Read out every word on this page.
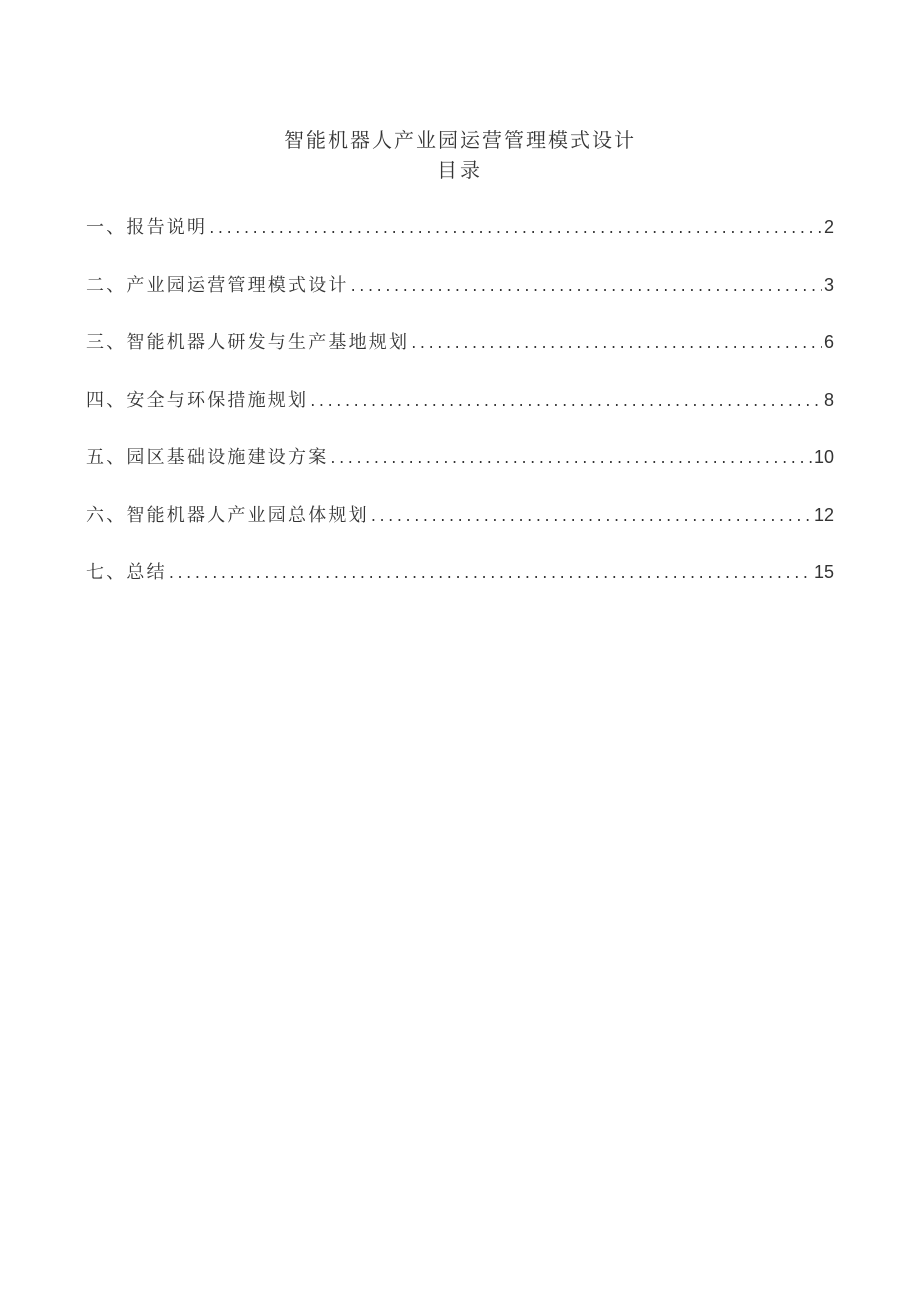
智能机器人产业园运营管理模式设计
目录
一、报告说明 .....	2
二、产业园运营管理模式设计 .....	3
三、智能机器人研发与生产基地规划 .....	6
四、安全与环保措施规划 .....	8
五、园区基础设施建设方案 .....	10
六、智能机器人产业园总体规划 .....	12
七、总结 .....	15
